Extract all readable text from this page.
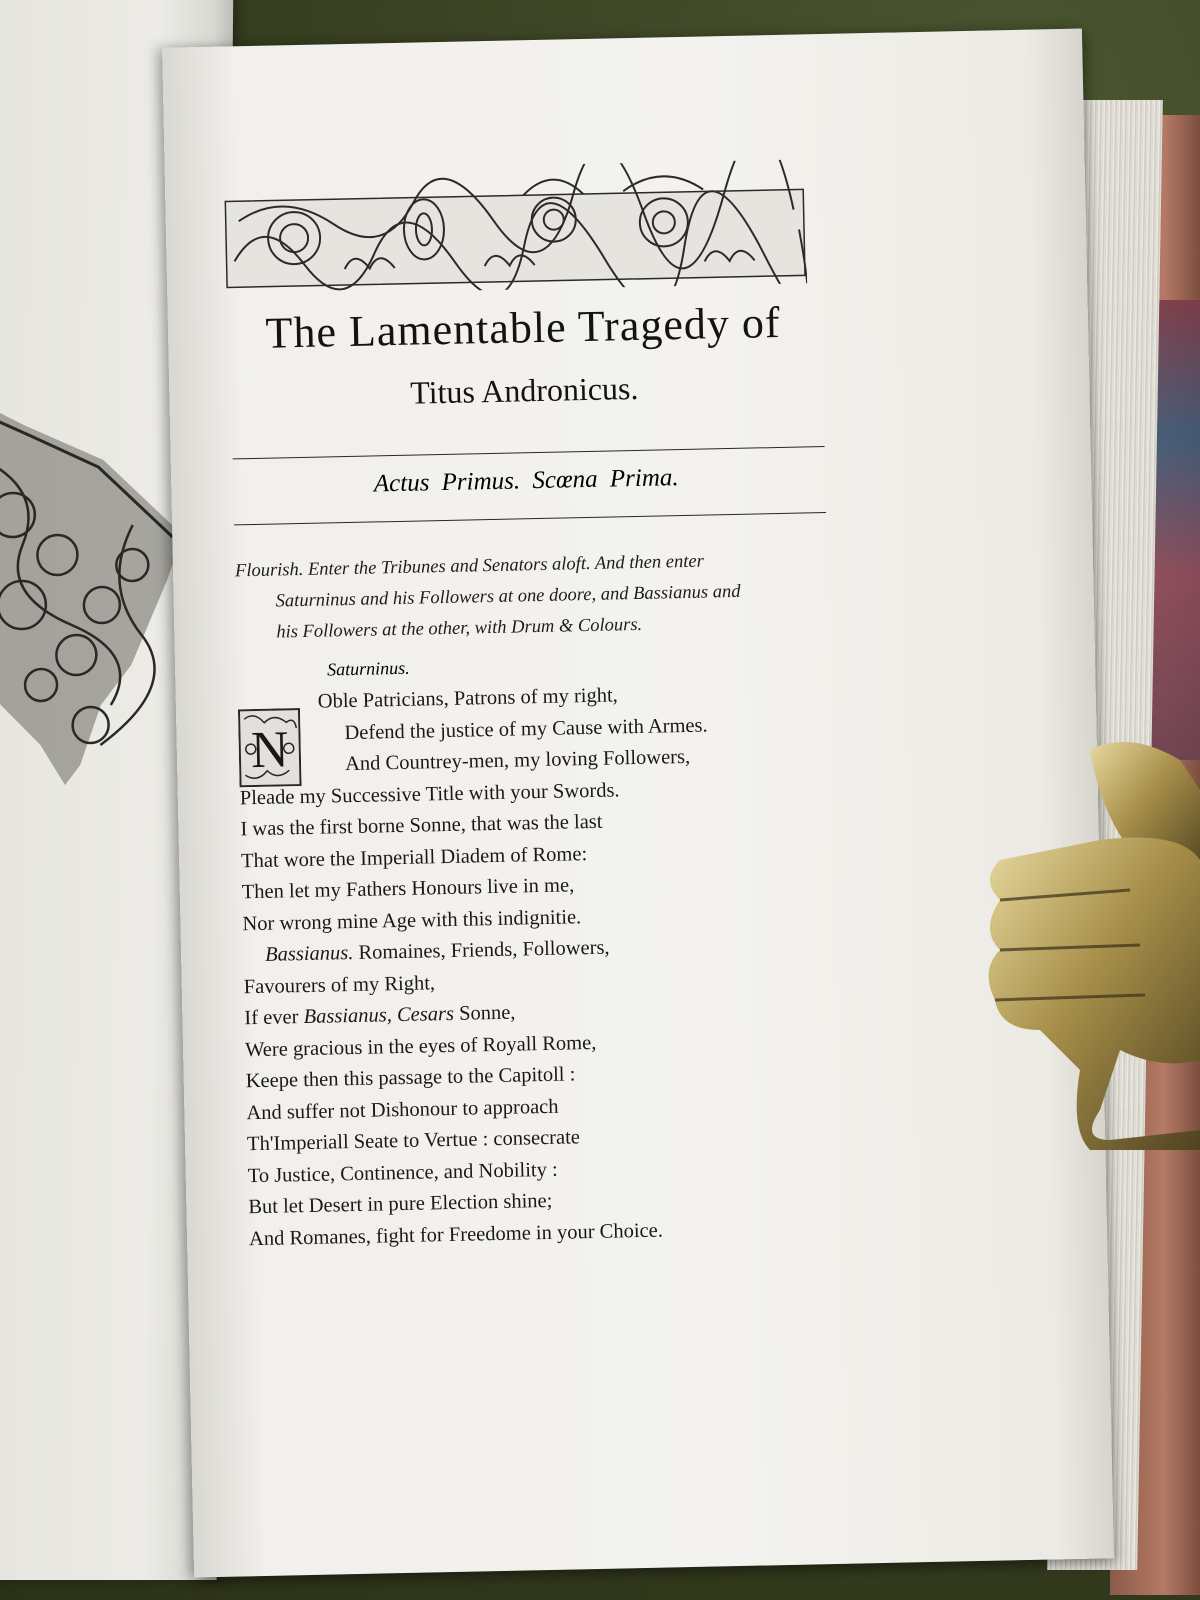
The Lamentable Tragedy of
Titus Andronicus.
Actus Primus. Scœna Prima.
Flourish. Enter the Tribunes and Senators aloft. And then enter
Saturninus and his Followers at one doore, and Bassianus and
his Followers at the other, with Drum & Colours.
Saturninus.
N
Oble Patricians, Patrons of my right,
Defend the justice of my Cause with Armes.
And Countrey-men, my loving Followers,
Pleade my Successive Title with your Swords.
I was the first borne Sonne, that was the last
That wore the Imperiall Diadem of Rome:
Then let my Fathers Honours live in me,
Nor wrong mine Age with this indignitie.
Bassianus. Romaines, Friends, Followers,
Favourers of my Right,
If ever Bassianus, Cesars Sonne,
Were gracious in the eyes of Royall Rome,
Keepe then this passage to the Capitoll :
And suffer not Dishonour to approach
Th'Imperiall Seate to Vertue : consecrate
To Justice, Continence, and Nobility :
But let Desert in pure Election shine;
And Romanes, fight for Freedome in your Choice.
